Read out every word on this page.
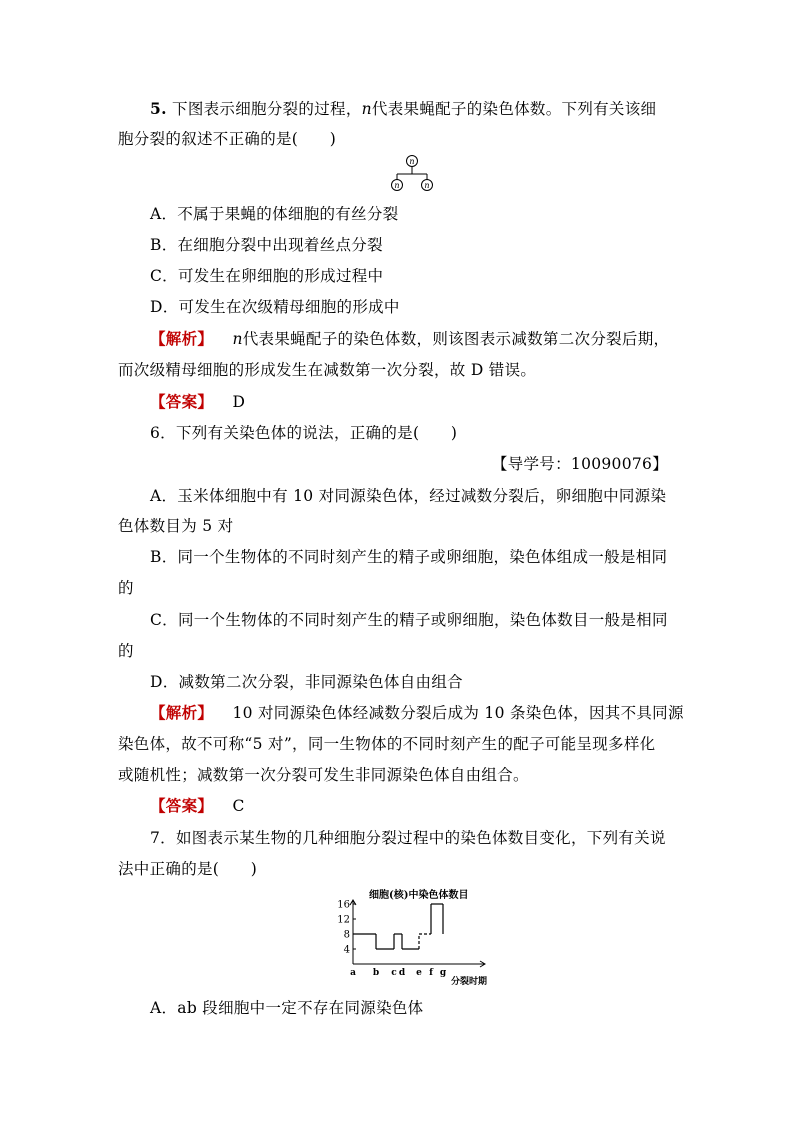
5. 下图表示细胞分裂的过程，n代表果蝇配子的染色体数。下列有关该细
胞分裂的叙述不正确的是(　　)
n
n	n
A．不属于果蝇的体细胞的有丝分裂
B．在细胞分裂中出现着丝点分裂
C．可发生在卵细胞的形成过程中
D．可发生在次级精母细胞的形成中
【解析】 n代表果蝇配子的染色体数，则该图表示减数第二次分裂后期，
而次级精母细胞的形成发生在减数第一次分裂，故 D 错误。
【答案】 D
6．下列有关染色体的说法，正确的是(　　)
【导学号：10090076】
A．玉米体细胞中有 10 对同源染色体，经过减数分裂后，卵细胞中同源染
色体数目为 5 对
B．同一个生物体的不同时刻产生的精子或卵细胞，染色体组成一般是相同
的
C．同一个生物体的不同时刻产生的精子或卵细胞，染色体数目一般是相同
的
D．减数第二次分裂，非同源染色体自由组合
【解析】 10 对同源染色体经减数分裂后成为 10 条染色体，因其不具同源
染色体，故不可称“5 对”，同一生物体的不同时刻产生的配子可能呈现多样化
或随机性；减数第一次分裂可发生非同源染色体自由组合。
【答案】 C
7．如图表示某生物的几种细胞分裂过程中的染色体数目变化，下列有关说
法中正确的是(　　)
细胞(核)中染色体数目
分裂时期
4
8
12
16
a b c d e f g
A．ab 段细胞中一定不存在同源染色体
